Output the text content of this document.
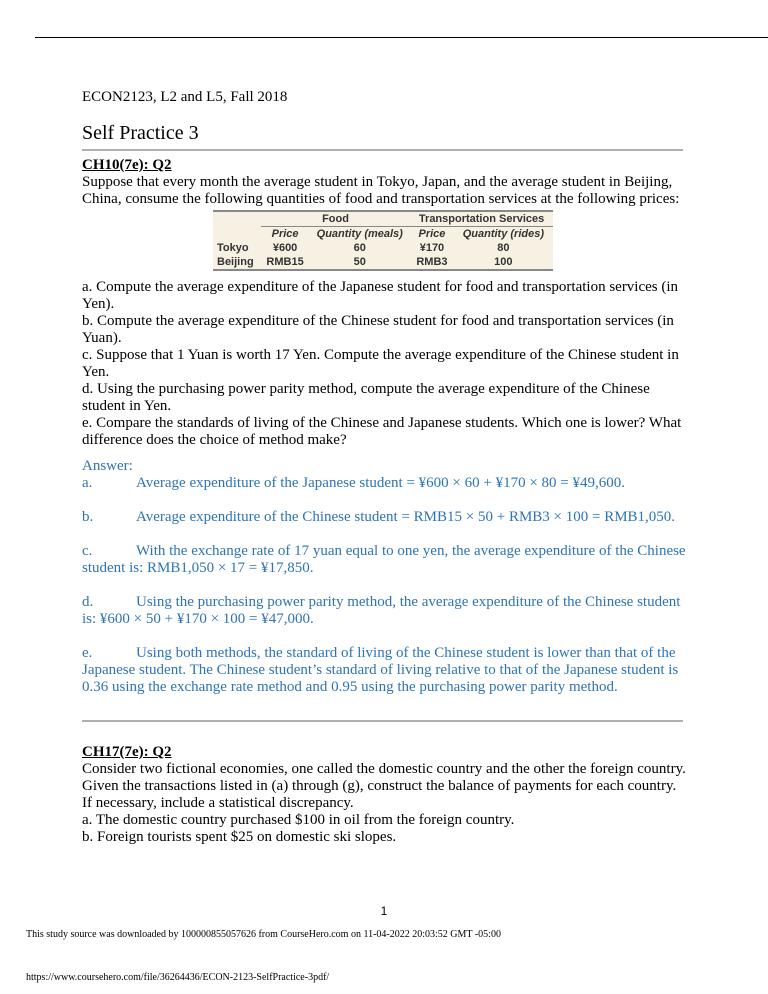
ECON2123, L2 and L5, Fall 2018

Self Practice 3

CH10(7e): Q2

Suppose that every month the average student in Tokyo, Japan, and the average student in Beijing, China, consume the following quantities of food and transportation services at the following prices:

	Food		Transportation Services	
	Price	Quantity (meals)	Price	Quantity (rides)
Tokyo	¥600	60	¥170	80
Beijing	RMB15	50	RMB3	100

a. Compute the average expenditure of the Japanese student for food and transportation services (in Yen).

b. Compute the average expenditure of the Chinese student for food and transportation services (in Yuan).

c. Suppose that 1 Yuan is worth 17 Yen. Compute the average expenditure of the Chinese student in Yen.

d. Using the purchasing power parity method, compute the average expenditure of the Chinese student in Yen.

e. Compare the standards of living of the Chinese and Japanese students. Which one is lower? What difference does the choice of method make?

Answer:

a.	Average expenditure of the Japanese student = ¥600 × 60 + ¥170 × 80 = ¥49,600.

b.	Average expenditure of the Chinese student = RMB15 × 50 + RMB3 × 100 = RMB1,050.

c.	With the exchange rate of 17 yuan equal to one yen, the average expenditure of the Chinese student is: RMB1,050 × 17 = ¥17,850.

d.	Using the purchasing power parity method, the average expenditure of the Chinese student is: ¥600 × 50 + ¥170 × 100 = ¥47,000.

e.	Using both methods, the standard of living of the Chinese student is lower than that of the Japanese student. The Chinese student’s standard of living relative to that of the Japanese student is 0.36 using the exchange rate method and 0.95 using the purchasing power parity method.

CH17(7e): Q2

Consider two fictional economies, one called the domestic country and the other the foreign country. Given the transactions listed in (a) through (g), construct the balance of payments for each country. If necessary, include a statistical discrepancy.

a. The domestic country purchased $100 in oil from the foreign country.

b. Foreign tourists spent $25 on domestic ski slopes.

1
This study source was downloaded by 100000855057626 from CourseHero.com on 11-04-2022 20:03:52 GMT -05:00
https://www.coursehero.com/file/36264436/ECON-2123-SelfPractice-3pdf/
